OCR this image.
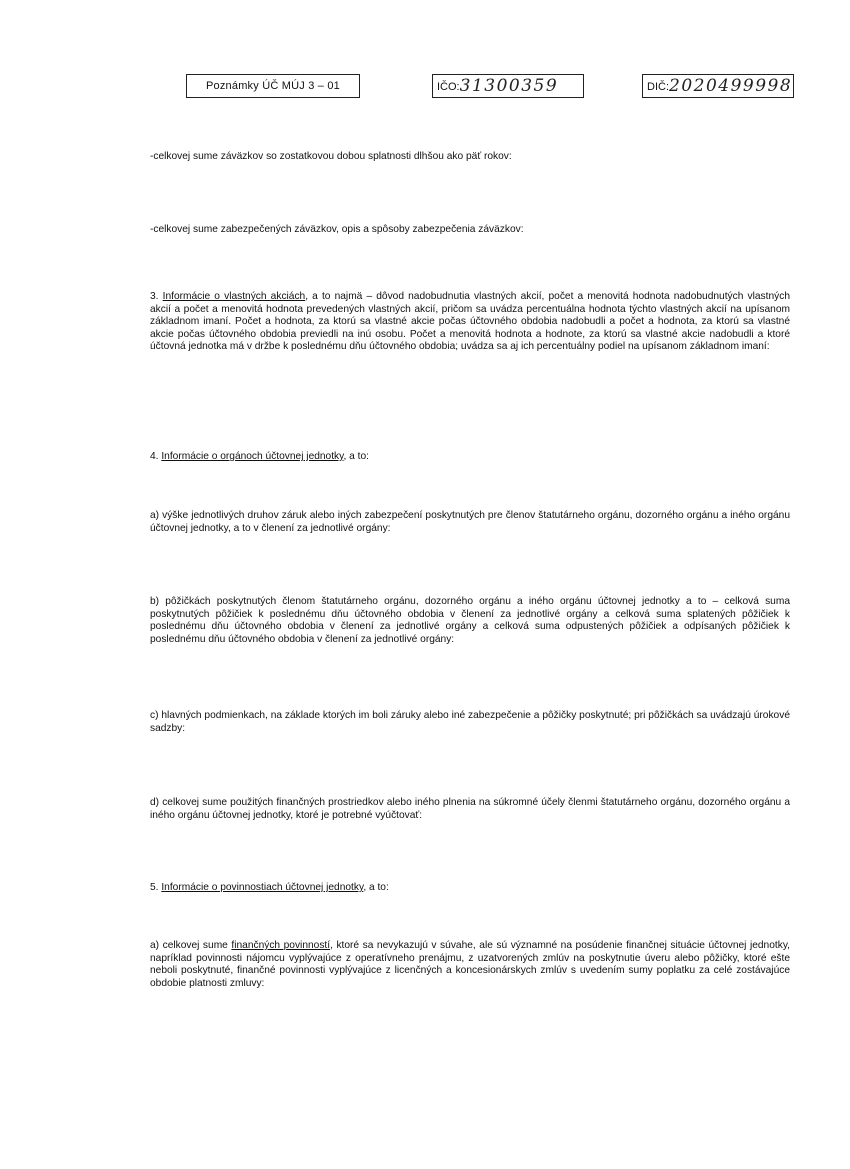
Poznámky ÚČ MÚJ 3 – 01	IČO:31300359	DIČ:2020499998
-celkovej sume záväzkov so zostatkovou dobou splatnosti dlhšou ako päť rokov:
-celkovej sume zabezpečených záväzkov, opis a spôsoby zabezpečenia záväzkov:
3. Informácie o vlastných akciách, a to najmä – dôvod nadobudnutia vlastných akcií, počet a menovitá hodnota nadobudnutých vlastných akcií a počet a menovitá hodnota prevedených vlastných akcií, pričom sa uvádza percentuálna hodnota týchto vlastných akcií na upísanom základnom imaní. Počet a hodnota, za ktorú sa vlastné akcie počas účtovného obdobia nadobudli a počet a hodnota, za ktorú sa vlastné akcie počas účtovného obdobia previedli na inú osobu. Počet a menovitá hodnota a hodnote, za ktorú sa vlastné akcie nadobudli a ktoré účtovná jednotka má v držbe k poslednému dňu účtovného obdobia; uvádza sa aj ich percentuálny podiel na upísanom základnom imaní:
4. Informácie o orgánoch účtovnej jednotky, a to:
a) výške jednotlivých druhov záruk alebo iných zabezpečení poskytnutých pre členov štatutárneho orgánu, dozorného orgánu a iného orgánu účtovnej jednotky, a to v členení za jednotlivé orgány:
b) pôžičkách poskytnutých členom štatutárneho orgánu, dozorného orgánu a iného orgánu účtovnej jednotky a to – celková suma poskytnutých pôžičiek k poslednému dňu účtovného obdobia v členení za jednotlivé orgány a celková suma splatených pôžičiek k poslednému dňu účtovného obdobia v členení za jednotlivé orgány a celková suma odpustených pôžičiek a odpísaných pôžičiek k poslednému dňu účtovného obdobia v členení za jednotlivé orgány:
c) hlavných podmienkach, na základe ktorých im boli záruky alebo iné zabezpečenie a pôžičky poskytnuté; pri pôžičkách sa uvádzajú úrokové sadzby:
d) celkovej sume použitých finančných prostriedkov alebo iného plnenia na súkromné účely členmi štatutárneho orgánu, dozorného orgánu a iného orgánu účtovnej jednotky, ktoré je potrebné vyúčtovať:
5. Informácie o povinnostiach účtovnej jednotky, a to:
a) celkovej sume finančných povinností, ktoré sa nevykazujú v súvahe, ale sú významné na posúdenie finančnej situácie účtovnej jednotky, napríklad povinnosti nájomcu vyplývajúce z operatívneho prenájmu, z uzatvorených zmlúv na poskytnutie úveru alebo pôžičky, ktoré ešte neboli poskytnuté, finančné povinnosti vyplývajúce z licenčných a koncesionárskych zmlúv s uvedením sumy poplatku za celé zostávajúce obdobie platnosti zmluvy:
